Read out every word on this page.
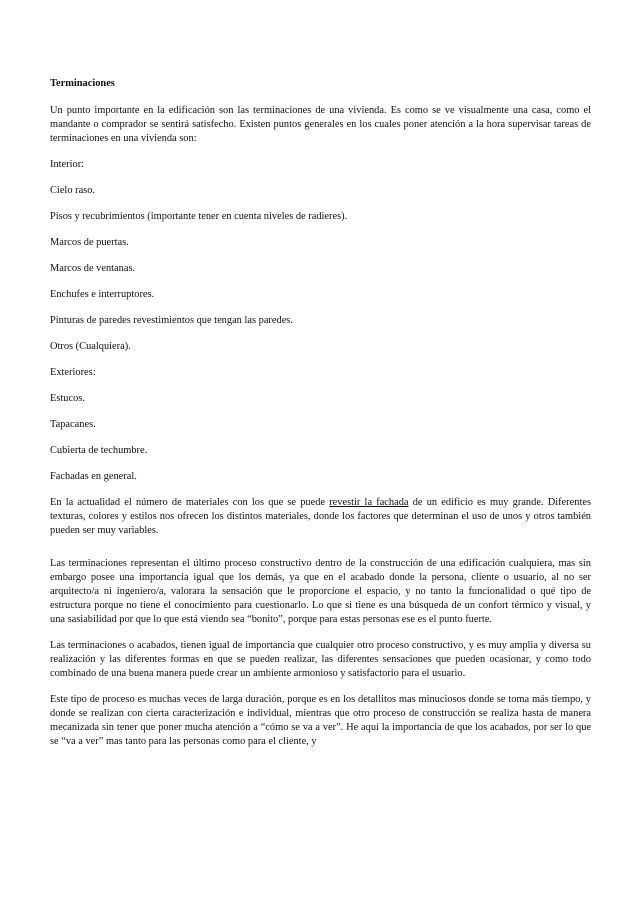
Terminaciones

Un punto importante en la edificación son las terminaciones de una vivienda. Es como se ve visualmente una casa, como el mandante o comprador se sentirá satisfecho. Existen puntos generales en los cuales poner atención a la hora supervisar tareas de terminaciones en una vivienda son:

Interior:

Cielo raso.

Pisos y recubrimientos (importante tener en cuenta niveles de radieres).

Marcos de puertas.

Marcos de ventanas.

Enchufes e interruptores.

Pinturas de paredes revestimientos que tengan las paredes.

Otros (Cualquiera).

Exteriores:

Estucos.

Tapacanes.

Cubierta de techumbre.

Fachadas en general.

En la actualidad el número de materiales con los que se puede revestir la fachada de un edificio es muy grande. Diferentes texturas, colores y estilos nos ofrecen los distintos materiales, donde los factores que determinan el uso de unos y otros también pueden ser muy variables.

Las terminaciones representan el último proceso constructivo dentro de la construcción de una edificación cualquiera, mas sin embargo posee una importancia igual que los demás, ya que en el acabado donde la persona, cliente o usuario, al no ser arquitecto/a ni ingeniero/a, valorara la sensación que le proporcione el espacio, y no tanto la funcionalidad o qué tipo de estructura porque no tiene el conocimiento para cuestionarlo. Lo que si tiene es una búsqueda de un confort térmico y visual, y una sasiabilidad por que lo que está viendo sea “bonito”, porque para estas personas ese es el punto fuerte.

Las terminaciones o acabados, tienen igual de importancia que cualquier otro proceso constructivo, y es muy amplia y diversa su realización y las diferentes formas en que se pueden realizar, las diferentes sensaciones que pueden ocasionar, y como todo combinado de una buena manera puede crear un ambiente armonioso y satisfactorio para el usuario.

Este tipo de proceso es muchas veces de larga duración, porque es en los detallitos mas minuciosos donde se toma más tiempo, y donde se realizan con cierta caracterización e individual, mientras que otro proceso de construcción se realiza hasta de manera mecanizada sin tener que poner mucha atención a “cómo se va a ver”. He aquí la importancia de que los acabados, por ser lo que se “va a ver” mas tanto para las personas como para el cliente, y
